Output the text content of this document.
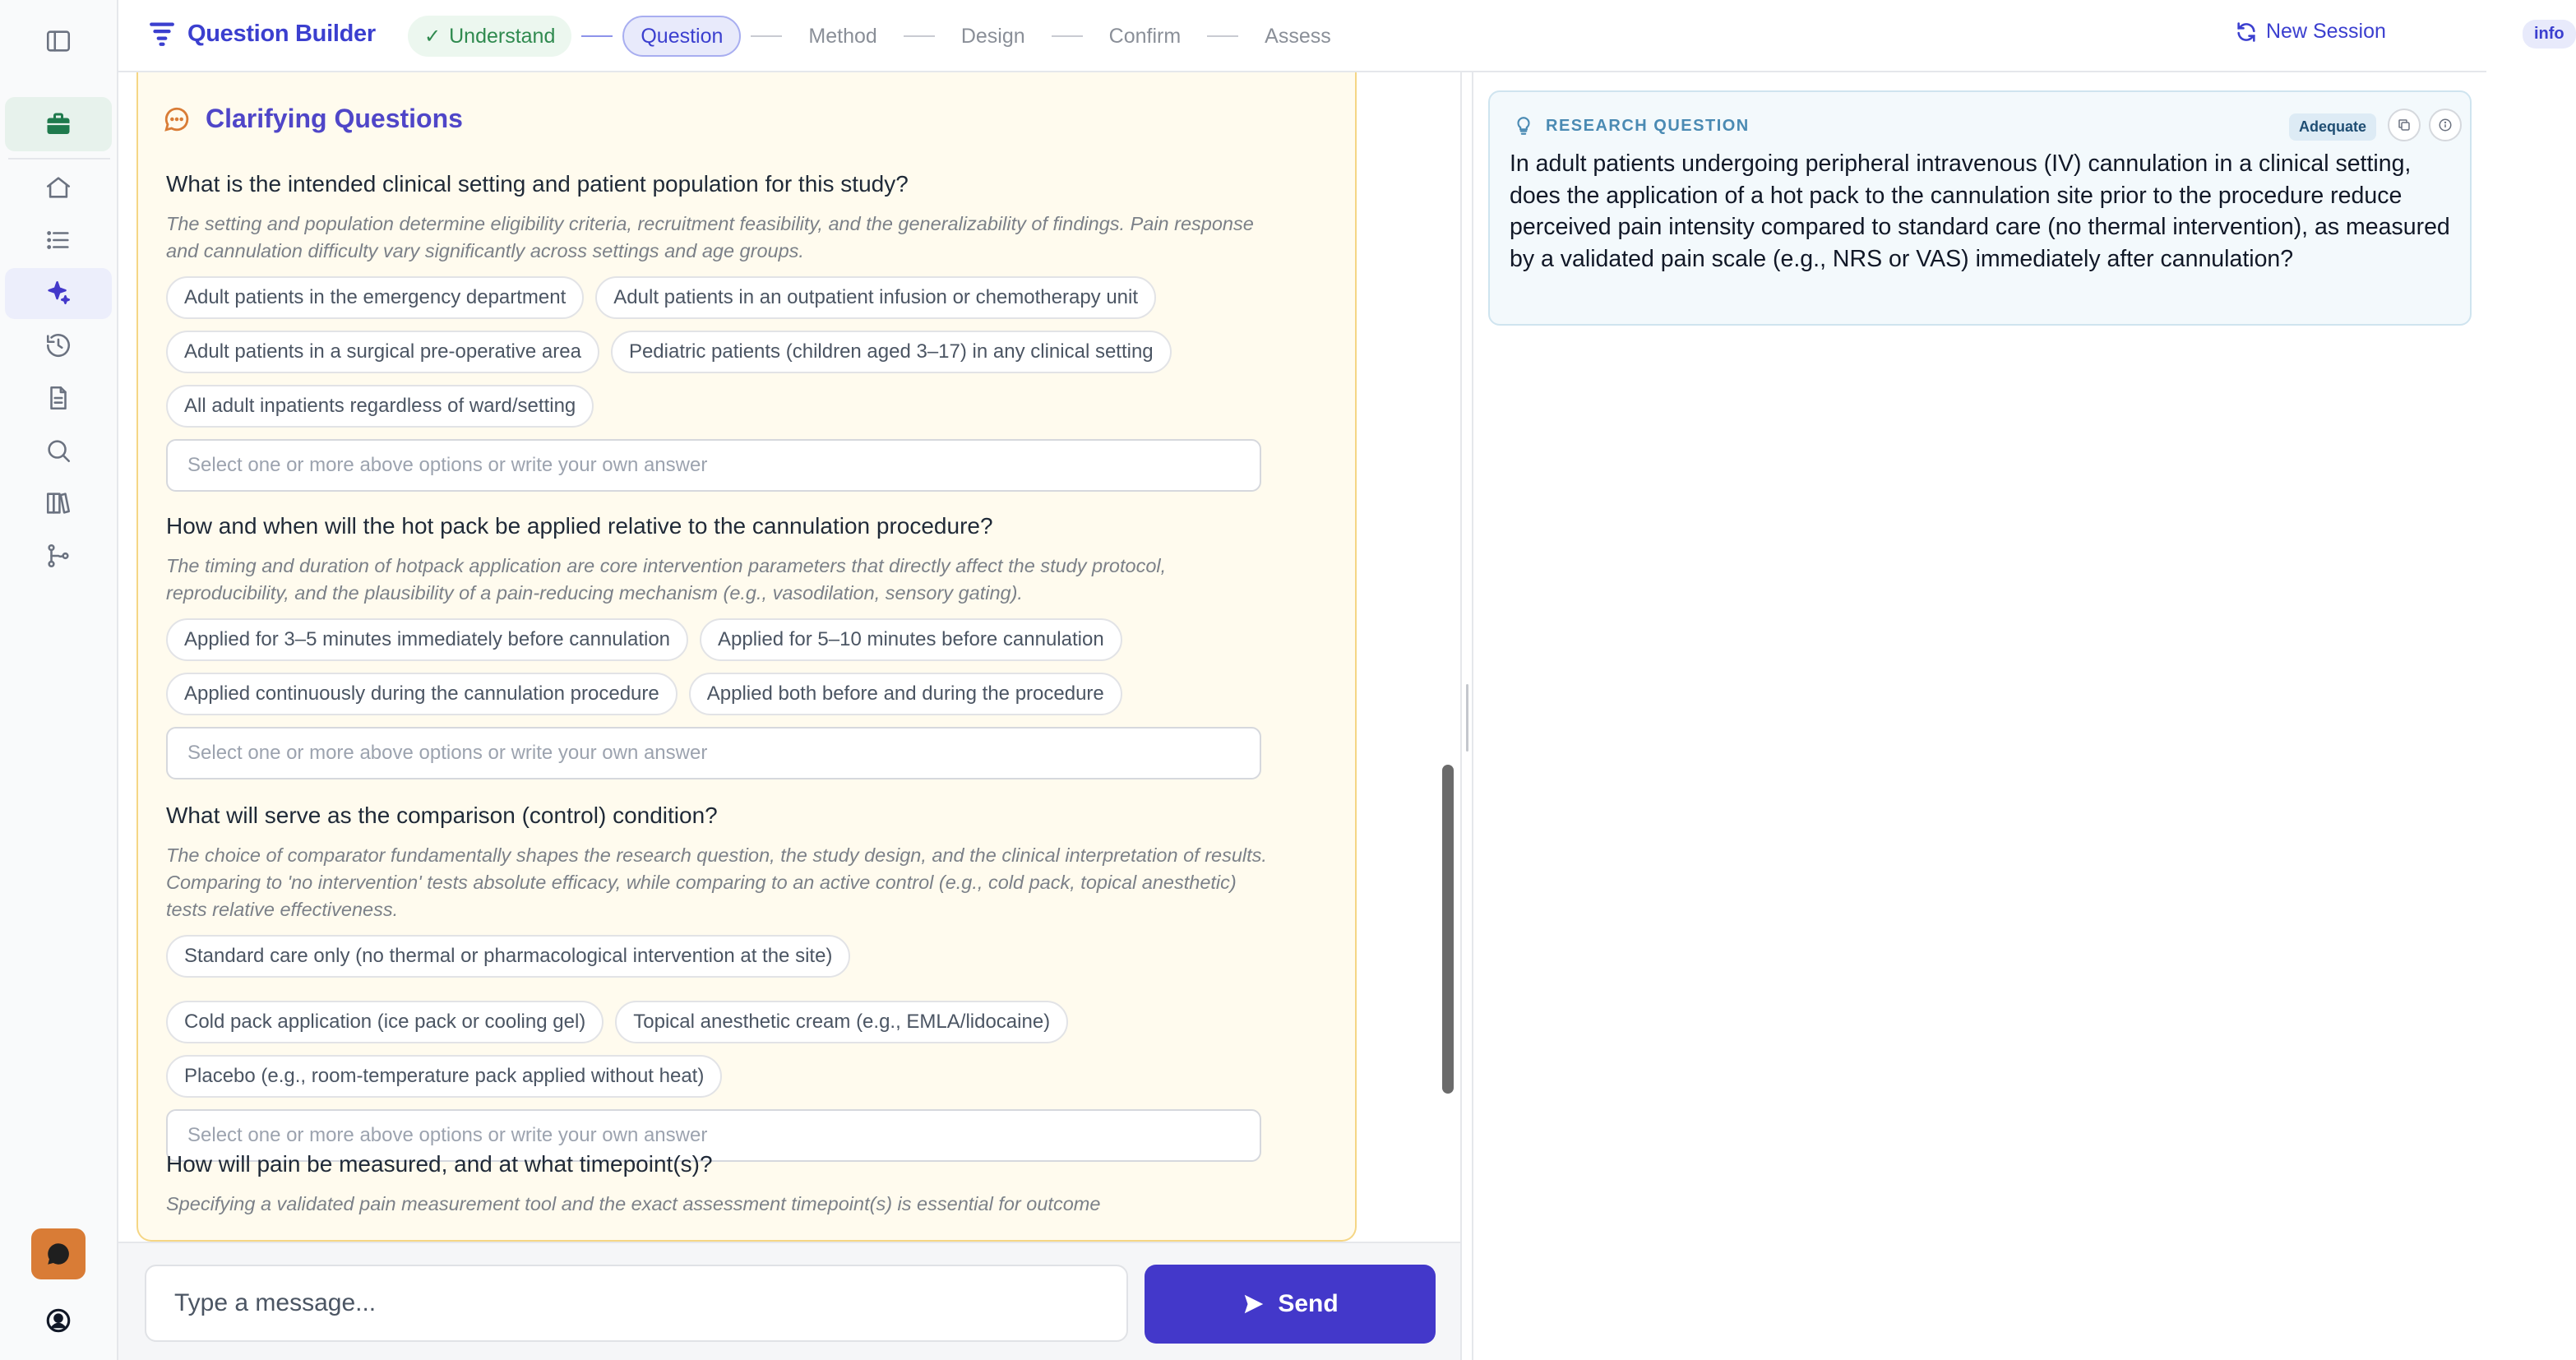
Question Builder ✓ Understand	Question	Method	Design	Confirm	Assess	New Session	info
Clarifying Questions
What is the intended clinical setting and patient population for this study?
The setting and population determine eligibility criteria, recruitment feasibility, and the generalizability of findings. Pain response and cannulation difficulty vary significantly across settings and age groups.
Adult patients in the emergency department	Adult patients in an outpatient infusion or chemotherapy unit
Adult patients in a surgical pre-operative area	Pediatric patients (children aged 3–17) in any clinical setting
All adult inpatients regardless of ward/setting
Select one or more above options or write your own answer
How and when will the hot pack be applied relative to the cannulation procedure?
The timing and duration of hotpack application are core intervention parameters that directly affect the study protocol, reproducibility, and the plausibility of a pain-reducing mechanism (e.g., vasodilation, sensory gating).
Applied for 3–5 minutes immediately before cannulation	Applied for 5–10 minutes before cannulation
Applied continuously during the cannulation procedure	Applied both before and during the procedure
Select one or more above options or write your own answer
What will serve as the comparison (control) condition?
The choice of comparator fundamentally shapes the research question, the study design, and the clinical interpretation of results. Comparing to 'no intervention' tests absolute efficacy, while comparing to an active control (e.g., cold pack, topical anesthetic) tests relative effectiveness.
Standard care only (no thermal or pharmacological intervention at the site)
Cold pack application (ice pack or cooling gel)	Topical anesthetic cream (e.g., EMLA/lidocaine)
Placebo (e.g., room-temperature pack applied without heat)
Select one or more above options or write your own answer
How will pain be measured, and at what timepoint(s)?
Specifying a validated pain measurement tool and the exact assessment timepoint(s) is essential for outcome
Type a message...
Send
RESEARCH QUESTION	Adequate

In adult patients undergoing peripheral intravenous (IV) cannulation in a clinical setting, does the application of a hot pack to the cannulation site prior to the procedure reduce perceived pain intensity compared to standard care (no thermal intervention), as measured by a validated pain scale (e.g., NRS or VAS) immediately after cannulation?
